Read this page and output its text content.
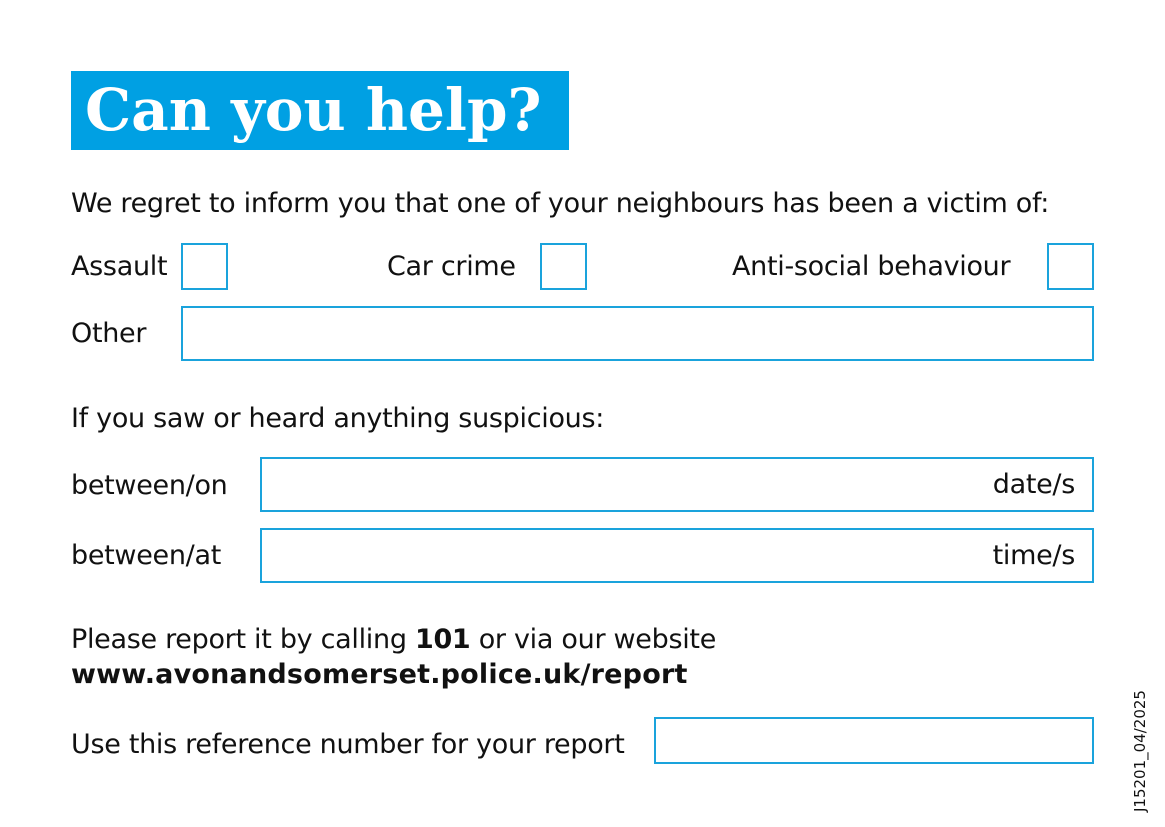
Can you help?
We regret to inform you that one of your neighbours has been a victim of:
Assault	Car crime	Anti-social behaviour
Other
If you saw or heard anything suspicious:
between/on	date/s
between/at	time/s
Please report it by calling 101 or via our website
www.avonandsomerset.police.uk/report
Use this reference number for your report	J15201_04/2025
